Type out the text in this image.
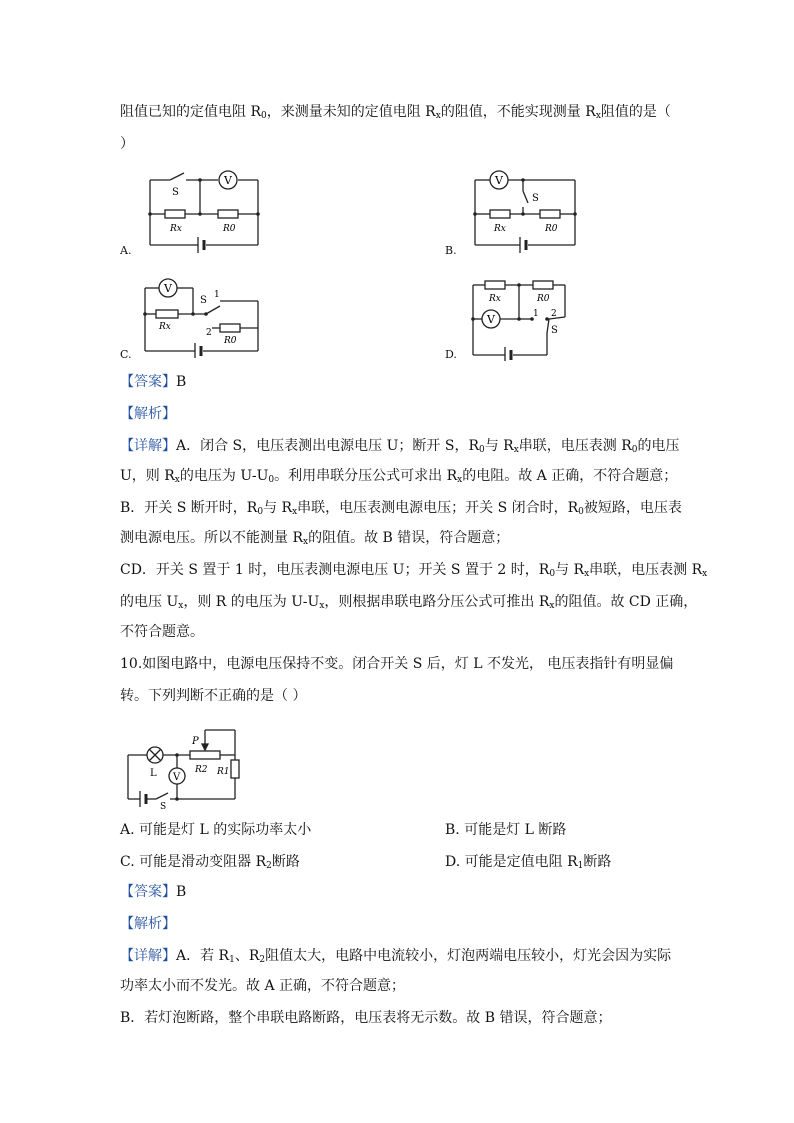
阻值已知的定值电阻 $R_0$，来测量未知的定值电阻 $R_x$的阻值，不能实现测量 $R_x$阻值的是（
）
V
S
Rx	R0
A.
V
S
Rx	R0
B.
V
S 1
2
Rx
R0
C.
V
S
1 2
Rx	R0
D.
【答案】B
【解析】
【详解】A．闭合 S，电压表测出电源电压 U；断开 S，$R_0$与 $R_x$串联，电压表测 $R_0$的电压
U，则 $R_x$的电压为 $U-U_0$。利用串联分压公式可求出 $R_x$的电阻。故 A 正确，不符合题意；
B．开关 S 断开时，$R_0$与 $R_x$串联，电压表测电源电压；开关 S 闭合时，$R_0$被短路，电压表
测电源电压。所以不能测量 $R_x$的阻值。故 B 错误，符合题意；
CD．开关 S 置于 1 时，电压表测电源电压 U；开关 S 置于 2 时，$R_0$与 $R_x$串联，电压表测 $R_x$
的电压 $U_x$，则 R 的电压为 $U-U_x$，则根据串联电路分压公式可推出 $R_x$的阻值。故 CD 正确，
不符合题意。
10.如图电路中，电源电压保持不变。闭合开关 S 后，灯 L 不发光， 电压表指针有明显偏
转。下列判断不正确的是（ ）
L
P
R2 R1
V
S
A. 可能是灯 L 的实际功率太小	B. 可能是灯 L 断路
C. 可能是滑动变阻器 $R_2$断路	D. 可能是定值电阻 $R_1$断路
【答案】B
【解析】
【详解】A．若 $R_1$、$R_2$阻值太大，电路中电流较小，灯泡两端电压较小，灯光会因为实际
功率太小而不发光。故 A 正确，不符合题意；
B．若灯泡断路，整个串联电路断路，电压表将无示数。故 B 错误，符合题意；
